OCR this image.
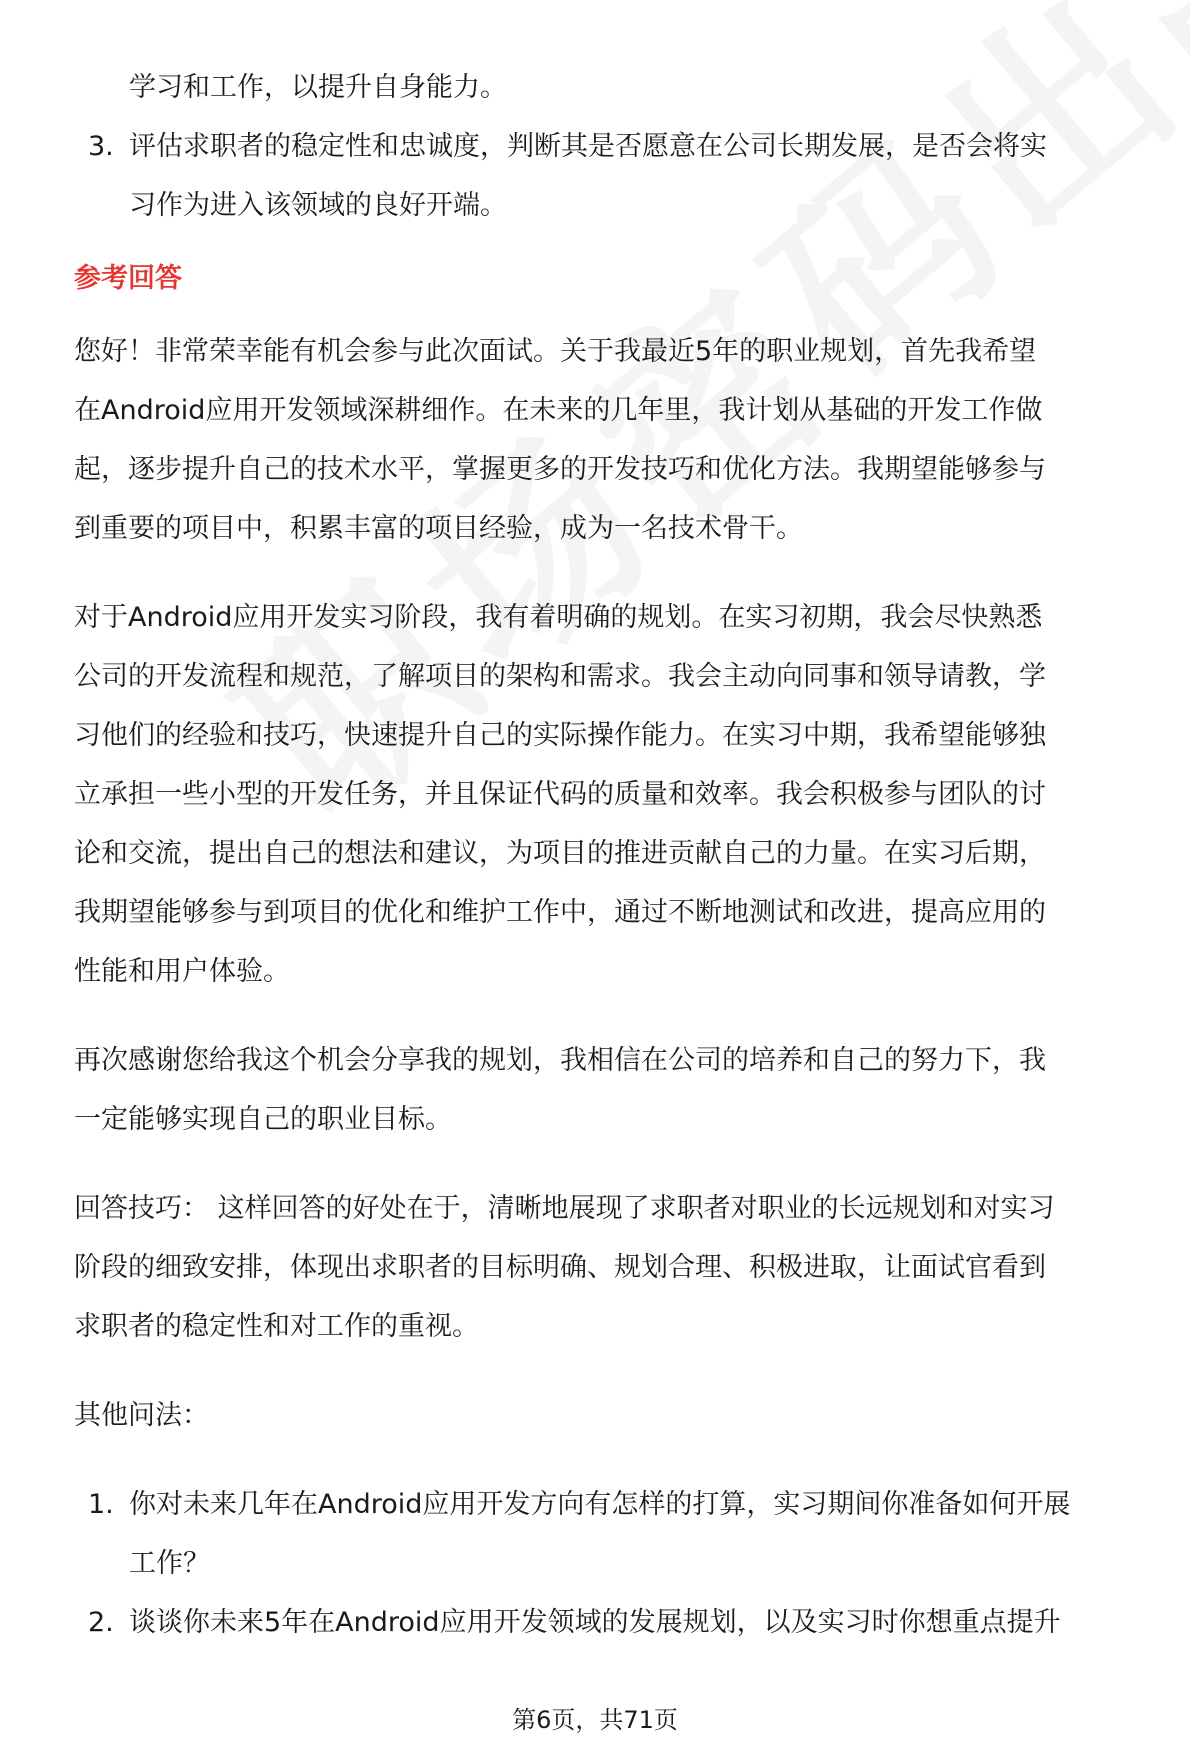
学习和工作，以提升自身能力。
3. 评估求职者的稳定性和忠诚度，判断其是否愿意在公司长期发展，是否会将实
习作为进入该领域的良好开端。
参考回答
您好！非常荣幸能有机会参与此次面试。关于我最近5年的职业规划，首先我希望
在Android应用开发领域深耕细作。在未来的几年里，我计划从基础的开发工作做
起，逐步提升自己的技术水平，掌握更多的开发技巧和优化方法。我期望能够参与
到重要的项目中，积累丰富的项目经验，成为一名技术骨干。
对于Android应用开发实习阶段，我有着明确的规划。在实习初期，我会尽快熟悉
公司的开发流程和规范，了解项目的架构和需求。我会主动向同事和领导请教，学
习他们的经验和技巧，快速提升自己的实际操作能力。在实习中期，我希望能够独
立承担一些小型的开发任务，并且保证代码的质量和效率。我会积极参与团队的讨
论和交流，提出自己的想法和建议，为项目的推进贡献自己的力量。在实习后期，
我期望能够参与到项目的优化和维护工作中，通过不断地测试和改进，提高应用的
性能和用户体验。
再次感谢您给我这个机会分享我的规划，我相信在公司的培养和自己的努力下，我
一定能够实现自己的职业目标。
回答技巧： 这样回答的好处在于，清晰地展现了求职者对职业的长远规划和对实习
阶段的细致安排，体现出求职者的目标明确、规划合理、积极进取，让面试官看到
求职者的稳定性和对工作的重视。
其他问法：
1. 你对未来几年在Android应用开发方向有怎样的打算，实习期间你准备如何开展
工作？
2. 谈谈你未来5年在Android应用开发领域的发展规划，以及实习时你想重点提升
第6页，共71页
